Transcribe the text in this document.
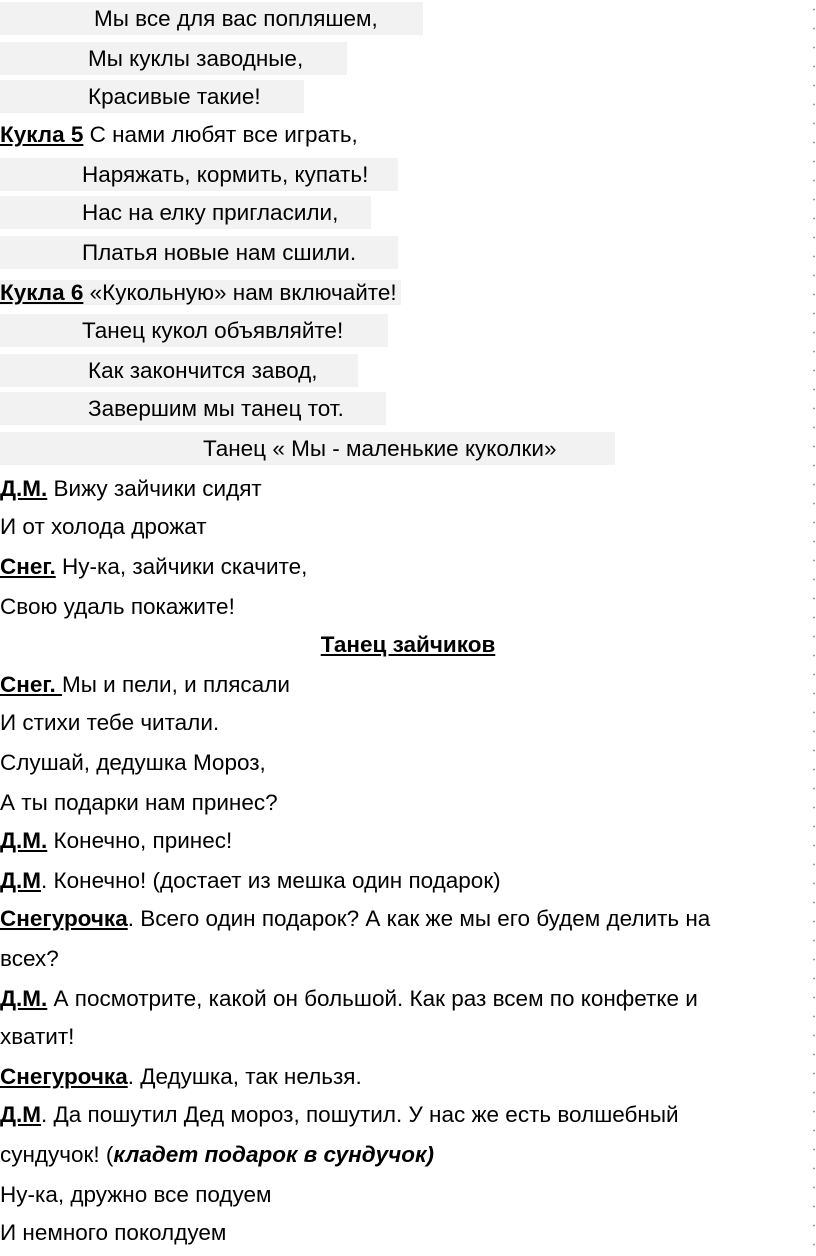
Мы все для вас попляшем,
Мы куклы заводные,
Красивые такие!
Кукла 5 С нами любят все играть,
Наряжать, кормить, купать!
Нас на елку пригласили,
Платья новые нам сшили.
Кукла 6 «Кукольную» нам включайте!
Танец кукол объявляйте!
Как закончится завод,
Завершим мы танец тот.
Танец « Мы - маленькие куколки»
Д.М. Вижу зайчики сидят
И от холода дрожат
Снег. Ну-ка, зайчики скачите,
Свою удаль покажите!
Танец зайчиков
Снег. Мы и пели, и плясали
И стихи тебе читали.
Слушай, дедушка Мороз,
А ты подарки нам принес?
Д.М. Конечно, принес!
Д.М. Конечно! (достает из мешка один подарок)
Снегурочка. Всего один подарок? А как же мы его будем делить на
всех?
Д.М. А посмотрите, какой он большой. Как раз всем по конфетке и
хватит!
Снегурочка. Дедушка, так нельзя.
Д.М. Да пошутил Дед мороз, пошутил. У нас же есть волшебный
сундучок! (кладет подарок в сундучок)
Ну-ка, дружно все подуем
И немного поколдуем
